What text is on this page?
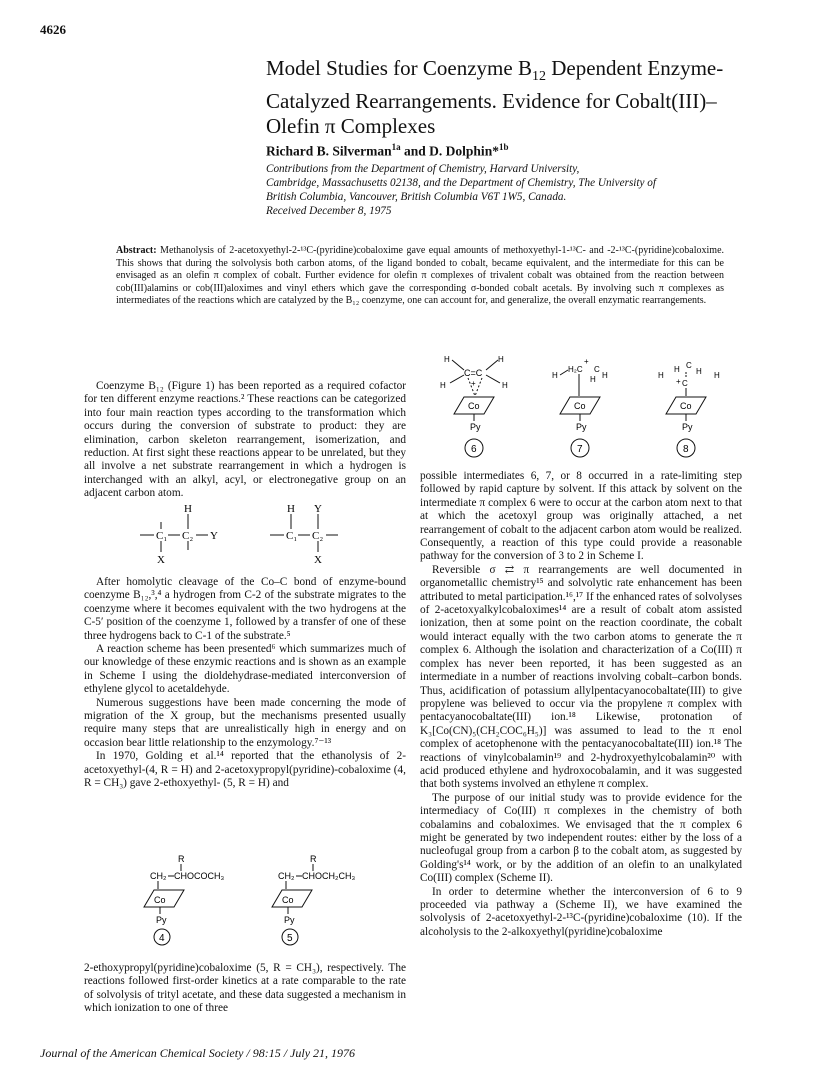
4626
Model Studies for Coenzyme $B_{12}$ Dependent Enzyme-Catalyzed Rearrangements. Evidence for Cobalt(III)–Olefin π Complexes
Richard B. Silverman$^{1a}$ and D. Dolphin*$^{1b}$
Contributions from the Department of Chemistry, Harvard University,
Cambridge, Massachusetts 02138, and the Department of Chemistry, The University of
British Columbia, Vancouver, British Columbia V6T 1W5, Canada.
Received December 8, 1975
Abstract: Methanolysis of 2-acetoxyethyl-2-¹³C-(pyridine)cobaloxime gave equal amounts of methoxyethyl-1-¹³C- and -2-¹³C-(pyridine)cobaloxime. This shows that during the solvolysis both carbon atoms, of the ligand bonded to cobalt, became equivalent, and the intermediate for this can be envisaged as an olefin π complex of cobalt. Further evidence for olefin π complexes of trivalent cobalt was obtained from the reaction between cob(III)alamins or cob(III)aloximes and vinyl ethers which gave the corresponding σ-bonded cobalt acetals. By involving such π complexes as intermediates of the reactions which are catalyzed by the B₁₂ coenzyme, one can account for, and generalize, the overall enzymatic rearrangements.

Coenzyme B₁₂ (Figure 1) has been reported as a required cofactor for ten different enzyme reactions.² These reactions can be categorized into four main reaction types according to the transformation which occurs during the conversion of substrate to product: they are elimination, carbon skeleton rearrangement, isomerization, and reduction. At first sight these reactions appear to be unrelated, but they all involve a net substrate rearrangement in which a hydrogen is interchanged with an alkyl, acyl, or electronegative group on an adjacent carbon atom.

C₁ C₂
H
Y
X
C₁ C₂
H Y
X

After homolytic cleavage of the Co–C bond of enzyme-bound coenzyme B₁₂,³,⁴ a hydrogen from C-2 of the substrate migrates to the coenzyme where it becomes equivalent with the two hydrogens at the C-5′ position of the coenzyme 1, followed by a transfer of one of these three hydrogens back to C-1 of the substrate.⁵

A reaction scheme has been presented⁶ which summarizes much of our knowledge of these enzymic reactions and is shown as an example in Scheme I using the dioldehydrase-mediated interconversion of ethylene glycol to acetaldehyde.

Numerous suggestions have been made concerning the mode of migration of the X group, but the mechanisms presented usually require many steps that are unrealistically high in energy and on occasion bear little relationship to the enzymology.⁷⁻¹³

In 1970, Golding et al.¹⁴ reported that the ethanolysis of 2-acetoxyethyl-(4, R = H) and 2-acetoxypropyl(pyridine)-cobaloxime (4, R = CH₃) gave 2-ethoxyethyl- (5, R = H) and

R
CH₂ CHOCOCH₃
Co
Py
4
R
CH₂ CHOCH₂CH₃
Co
Py
5

2-ethoxypropyl(pyridine)cobaloxime (5, R = CH₃), respectively. The reactions followed first-order kinetics at a rate comparable to the rate of solvolysis of trityl acetate, and these data suggested a mechanism in which ionization to one of three

H	H
H	H
C=C
+
Co
Py
6
H
H₂C
+
C
H
H
Co
Py
7
H
H C
H H
+ C
Co
Py
8

possible intermediates 6, 7, or 8 occurred in a rate-limiting step followed by rapid capture by solvent. If this attack by solvent on the intermediate π complex 6 were to occur at the carbon atom next to that at which the acetoxyl group was originally attached, a net rearrangement of cobalt to the adjacent carbon atom would be realized. Consequently, a reaction of this type could provide a reasonable pathway for the conversion of 3 to 2 in Scheme I.

Reversible σ ⇄ π rearrangements are well documented in organometallic chemistry¹⁵ and solvolytic rate enhancement has been attributed to metal participation.¹⁶,¹⁷ If the enhanced rates of solvolyses of 2-acetoxyalkylcobaloximes¹⁴ are a result of cobalt atom assisted ionization, then at some point on the reaction coordinate, the cobalt would interact equally with the two carbon atoms to generate the π complex 6. Although the isolation and characterization of a Co(III) π complex has never been reported, it has been suggested as an intermediate in a number of reactions involving cobalt–carbon bonds. Thus, acidification of potassium allylpentacyanocobaltate(III) to give propylene was believed to occur via the propylene π complex with pentacyanocobaltate(III) ion.¹⁸ Likewise, protonation of K₃[Co(CN)₅(CH₂COC₆H₅)] was assumed to lead to the π enol complex of acetophenone with the pentacyanocobaltate(III) ion.¹⁸ The reactions of vinylcobalamin¹⁹ and 2-hydroxyethylcobalamin²⁰ with acid produced ethylene and hydroxocobalamin, and it was suggested that both systems involved an ethylene π complex.

The purpose of our initial study was to provide evidence for the intermediacy of Co(III) π complexes in the chemistry of both cobalamins and cobaloximes. We envisaged that the π complex 6 might be generated by two independent routes: either by the loss of a nucleofugal group from a carbon β to the cobalt atom, as suggested by Golding's¹⁴ work, or by the addition of an olefin to an unalkylated Co(III) complex (Scheme II).

In order to determine whether the interconversion of 6 to 9 proceeded via pathway a (Scheme II), we have examined the solvolysis of 2-acetoxyethyl-2-¹³C-(pyridine)cobaloxime (10). If the alcoholysis to the 2-alkoxyethyl(pyridine)cobaloxime

Journal of the American Chemical Society / 98:15 / July 21, 1976
